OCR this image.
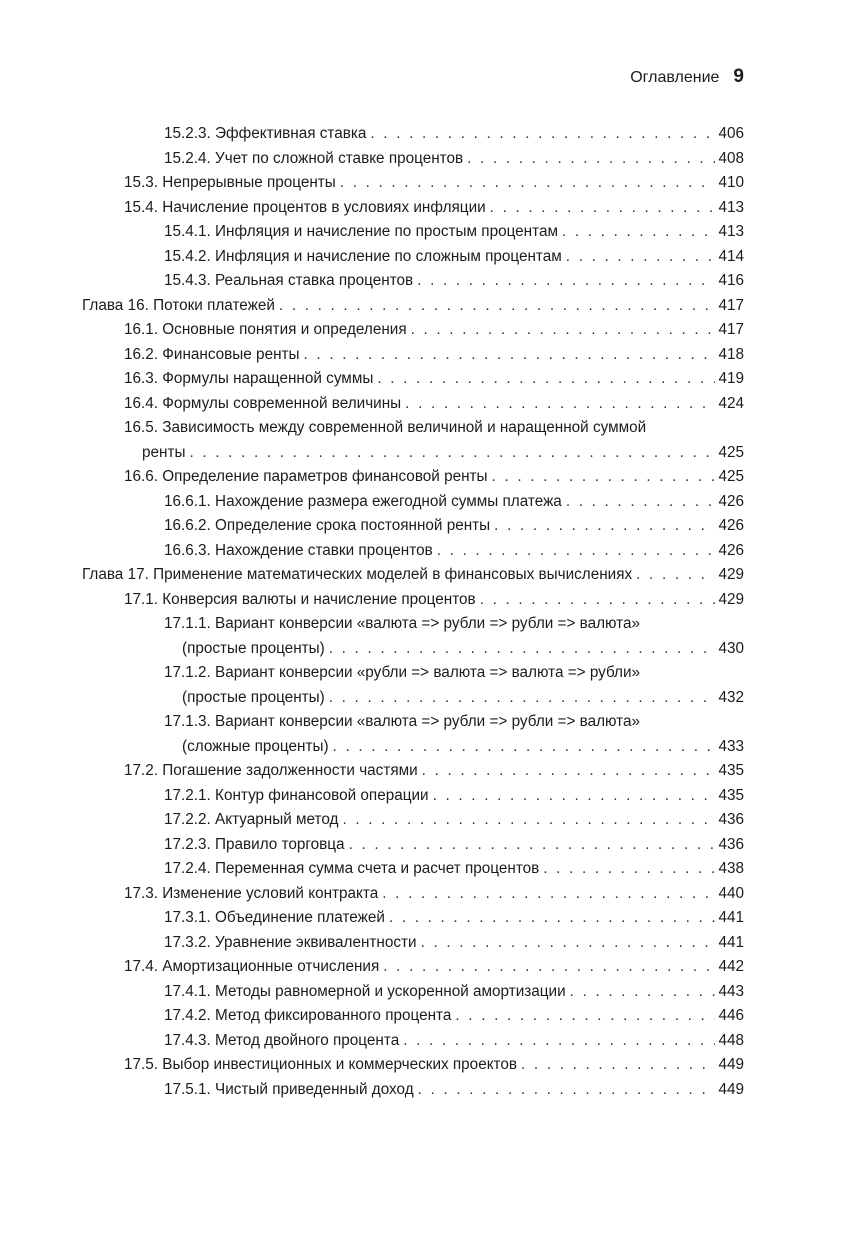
Оглавление 9
15.2.3. Эффективная ставка . . .	406
15.2.4. Учет по сложной ставке процентов . . .	408
15.3. Непрерывные проценты . . .	410
15.4. Начисление процентов в условиях инфляции . . .	413
15.4.1. Инфляция и начисление по простым процентам . . .	413
15.4.2. Инфляция и начисление по сложным процентам . . .	414
15.4.3. Реальная ставка процентов . . .	416
Глава 16. Потоки платежей . . .	417
16.1. Основные понятия и определения . . .	417
16.2. Финансовые ренты . . .	418
16.3. Формулы наращенной суммы . . .	419
16.4. Формулы современной величины . . .	424
16.5. Зависимость между современной величиной и наращенной суммой
ренты . . .	425
16.6. Определение параметров финансовой ренты . . .	425
16.6.1. Нахождение размера ежегодной суммы платежа . . .	426
16.6.2. Определение срока постоянной ренты . . .	426
16.6.3. Нахождение ставки процентов . . .	426
Глава 17. Применение математических моделей в финансовых вычислениях . . .	429
17.1. Конверсия валюты и начисление процентов . . .	429
17.1.1. Вариант конверсии «валюта => рубли => рубли => валюта»
(простые проценты) . . .	430
17.1.2. Вариант конверсии «рубли => валюта => валюта => рубли»
(простые проценты) . . .	432
17.1.3. Вариант конверсии «валюта => рубли => рубли => валюта»
(сложные проценты) . . .	433
17.2. Погашение задолженности частями . . .	435
17.2.1. Контур финансовой операции . . .	435
17.2.2. Актуарный метод . . .	436
17.2.3. Правило торговца . . .	436
17.2.4. Переменная сумма счета и расчет процентов . . .	438
17.3. Изменение условий контракта . . .	440
17.3.1. Объединение платежей . . .	441
17.3.2. Уравнение эквивалентности . . .	441
17.4. Амортизационные отчисления . . .	442
17.4.1. Методы равномерной и ускоренной амортизации . . .	443
17.4.2. Метод фиксированного процента . . .	446
17.4.3. Метод двойного процента . . .	448
17.5. Выбор инвестиционных и коммерческих проектов . . .	449
17.5.1. Чистый приведенный доход . . .	449
